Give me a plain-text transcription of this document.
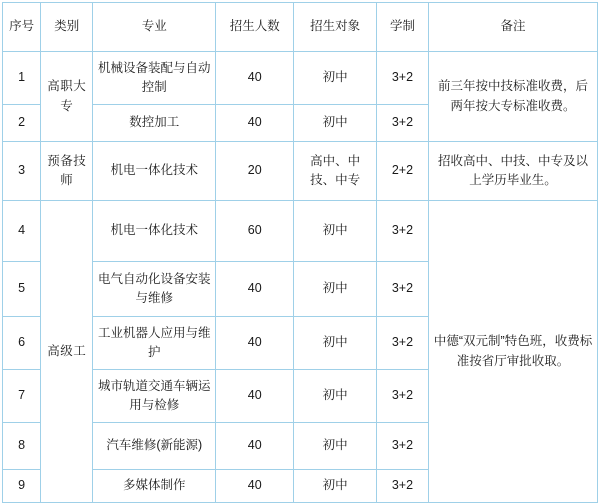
序号	类别	专业	招生人数	招生对象	学制	备注
1	高职大专	机械设备装配与自动控制	40	初中	3+2	前三年按中技标准收费，后两年按大专标准收费。
2		数控加工	40	初中	3+2	
3	预备技师	机电一体化技术	20	高中、中技、中专	2+2	招收高中、中技、中专及以上学历毕业生。
4	高级工	机电一体化技术	60	初中	3+2	中德“双元制”特色班，收费标准按省厅审批收取。
5		电气自动化设备安装与维修	40	初中	3+2	
6		工业机器人应用与维护	40	初中	3+2	
7		城市轨道交通车辆运用与检修	40	初中	3+2	
8		汽车维修(新能源)	40	初中	3+2	
9		多媒体制作	40	初中	3+2	
